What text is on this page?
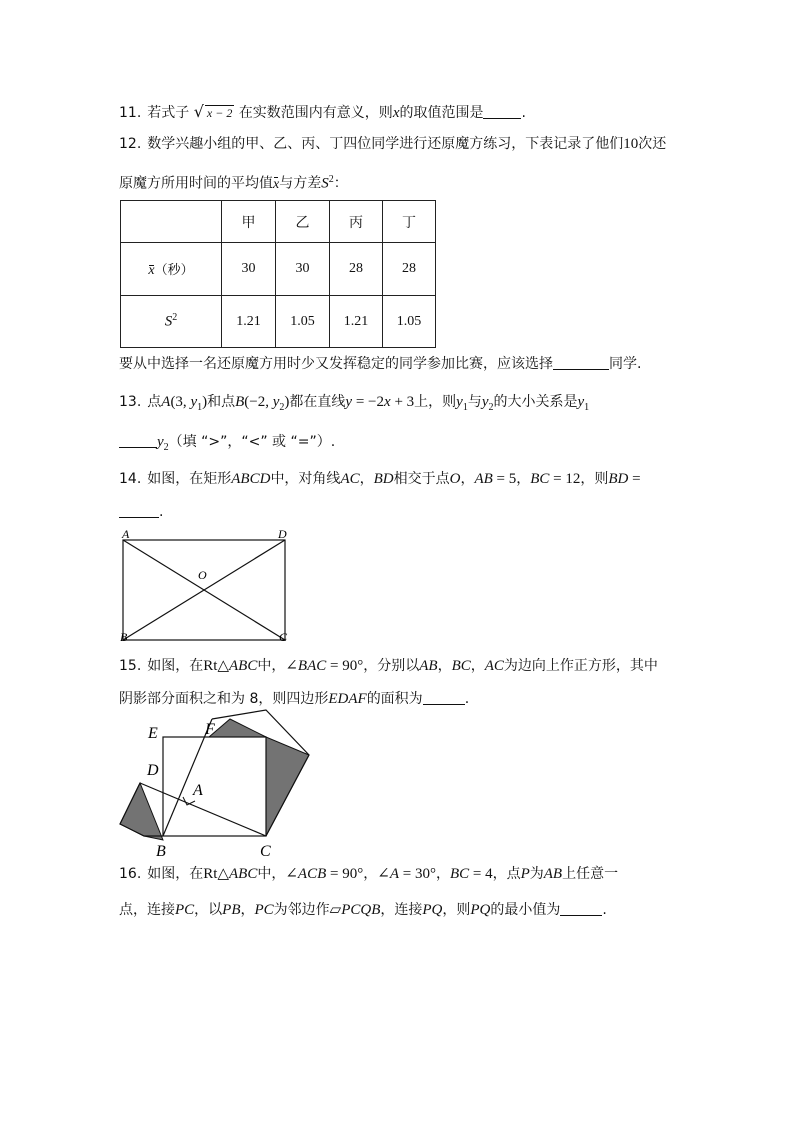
11. 若式子 √ x − 2 在实数范围内有意义，则x的取值范围是	.
12. 数学兴趣小组的甲、乙、丙、丁四位同学进行还原魔方练习，下表记录了他们10次还
原魔方所用时间的平均值x与方差$S^2$：
	甲	乙	丙	丁
x（秒）	30	30	28	28
$S^2$	1.21	1.05	1.21	1.05
要从中选择一名还原魔方用时少又发挥稳定的同学参加比赛，应该选择	同学.
13. 点A(3, $y_1$)和点B(−2, $y_2$)都在直线y = −2x + 3上，则$y_1$与$y_2$的大小关系是$y_1$
$y_2$（填 “>”，“<” 或 “=”）.
14. 如图，在矩形ABCD中，对角线AC，BD相交于点O，AB = 5，BC = 12，则BD =
.
A	D
O
B	C
15. 如图，在Rt△ABC中，∠BAC = 90°，分别以AB，BC，AC为边向上作正方形，其中
阴影部分面积之和为 8，则四边形EDAF的面积为	.
E	F
D
A
B	C
16. 如图，在Rt△ABC中，∠ACB = 90°，∠A = 30°，BC = 4，点P为AB上任意一
点，连接PC，以PB，PC为邻边作▱PCQB，连接PQ，则PQ的最小值为	.
